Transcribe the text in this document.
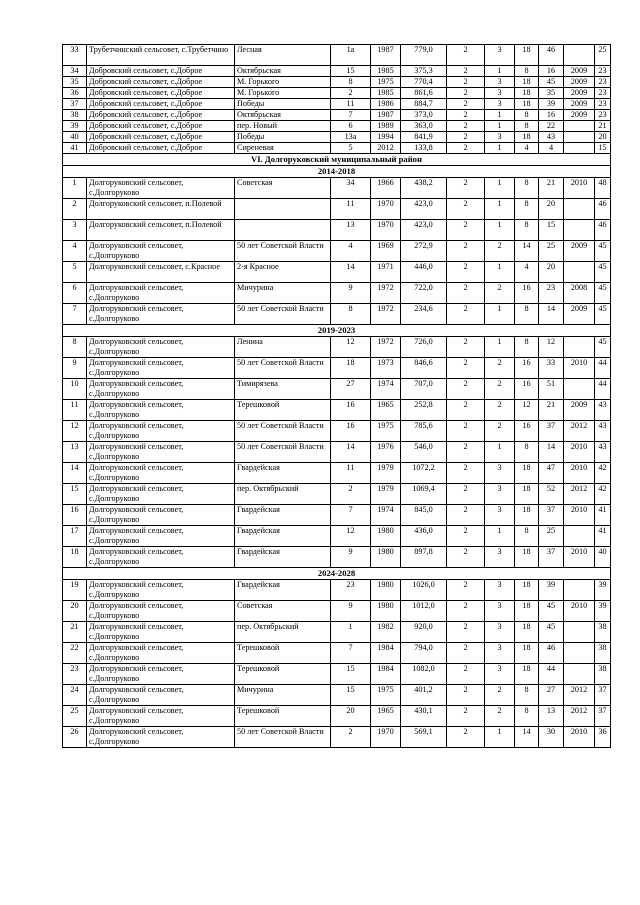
33	Трубетчинский сельсовет, с.Трубетчино	Лесная	1а	1987	779,0	2	3	18	46		25
34	Добровский сельсовет, с.Доброе	Октябрьская	15	1985	375,3	2	1	8	16	2009	23
35	Добровский сельсовет, с.Доброе	М. Горького	8	1975	770,4	2	3	18	45	2009	23
36	Добровский сельсовет, с.Доброе	М. Горького	2	1985	861,6	2	3	18	35	2009	23
37	Добровский сельсовет, с.Доброе	Победы	11	1986	884,7	2	3	18	39	2009	23
38	Добровский сельсовет, с.Доброе	Октябрьская	7	1987	373,0	2	1	8	16	2009	23
39	Добровский сельсовет, с.Доброе	пер. Новый	6	1989	363,0	2	1	8	22		21
40	Добровский сельсовет, с.Доброе	Победы	13а	1994	841,9	2	3	18	43		20
41	Добровский сельсовет, с.Доброе	Сиреневая	5	2012	133,8	2	1	4	4		15
VI. Долгоруковский муниципальный район											
2014-2018											
1	Долгоруковский сельсовет, с.Долгоруково	Советская	34	1966	438,2	2	1	8	21	2010	48
2	Долгоруковский сельсовет, п.Полевой		11	1970	423,0	2	1	8	20		46
3	Долгоруковский сельсовет, п.Полевой		13	1970	423,0	2	1	8	15		46
4	Долгоруковский сельсовет, с.Долгоруково	50 лет Советской Власти	4	1969	272,9	2	2	14	25	2009	45
5	Долгоруковский сельсовет, с.Красное	2-я Красное	14	1971	446,0	2	1	4	20		45
6	Долгоруковский сельсовет, с.Долгоруково	Мичурина	9	1972	722,0	2	2	16	23	2008	45
7	Долгоруковский сельсовет, с.Долгоруково	50 лет Советской Власти	8	1972	234,6	2	1	8	14	2009	45
2019-2023											
8	Долгоруковский сельсовет, с.Долгоруково	Ленина	12	1972	726,0	2	1	8	12		45
9	Долгоруковский сельсовет, с.Долгоруково	50 лет Советской Власти	18	1973	846,6	2	2	16	33	2010	44
10	Долгоруковский сельсовет, с.Долгоруково	Тимирязева	27	1974	707,0	2	2	16	51		44
11	Долгоруковский сельсовет, с.Долгоруково	Терешковой	16	1965	252,8	2	2	12	21	2009	43
12	Долгоруковский сельсовет, с.Долгоруково	50 лет Советской Власти	16	1975	785,6	2	2	16	37	2012	43
13	Долгоруковский сельсовет, с.Долгоруково	50 лет Советской Власти	14	1976	546,0	2	1	8	14	2010	43
14	Долгоруковский сельсовет, с.Долгоруково	Гвардейская	11	1979	1072,2	2	3	18	47	2010	42
15	Долгоруковский сельсовет, с.Долгоруково	пер. Октябрьский	2	1979	1069,4	2	3	18	52	2012	42
16	Долгоруковский сельсовет, с.Долгоруково	Гвардейская	7	1974	845,0	2	3	18	37	2010	41
17	Долгоруковский сельсовет, с.Долгоруково	Гвардейская	12	1980	436,0	2	1	8	25		41
18	Долгоруковский сельсовет, с.Долгоруково	Гвардейская	9	1980	897,8	2	3	18	37	2010	40
2024-2028											
19	Долгоруковский сельсовет, с.Долгоруково	Гвардейская	23	1980	1026,0	2	3	18	39		39
20	Долгоруковский сельсовет, с.Долгоруково	Советская	9	1980	1012,0	2	3	18	45	2010	39
21	Долгоруковский сельсовет, с.Долгоруково	пер. Октябрьский	1	1982	920,0	2	3	18	45		38
22	Долгоруковский сельсовет, с.Долгоруково	Терешковой	7	1984	794,0	2	3	18	46		38
23	Долгоруковский сельсовет, с.Долгоруково	Терешковой	15	1984	1082,0	2	3	18	44		38
24	Долгоруковский сельсовет, с.Долгоруково	Мичурина	15	1975	401,2	2	2	8	27	2012	37
25	Долгоруковский сельсовет, с.Долгоруково	Терешковой	20	1965	430,1	2	2	8	13	2012	37
26	Долгоруковский сельсовет, с.Долгоруково	50 лет Советской Власти	2	1970	569,1	2	1	14	30	2010	36
